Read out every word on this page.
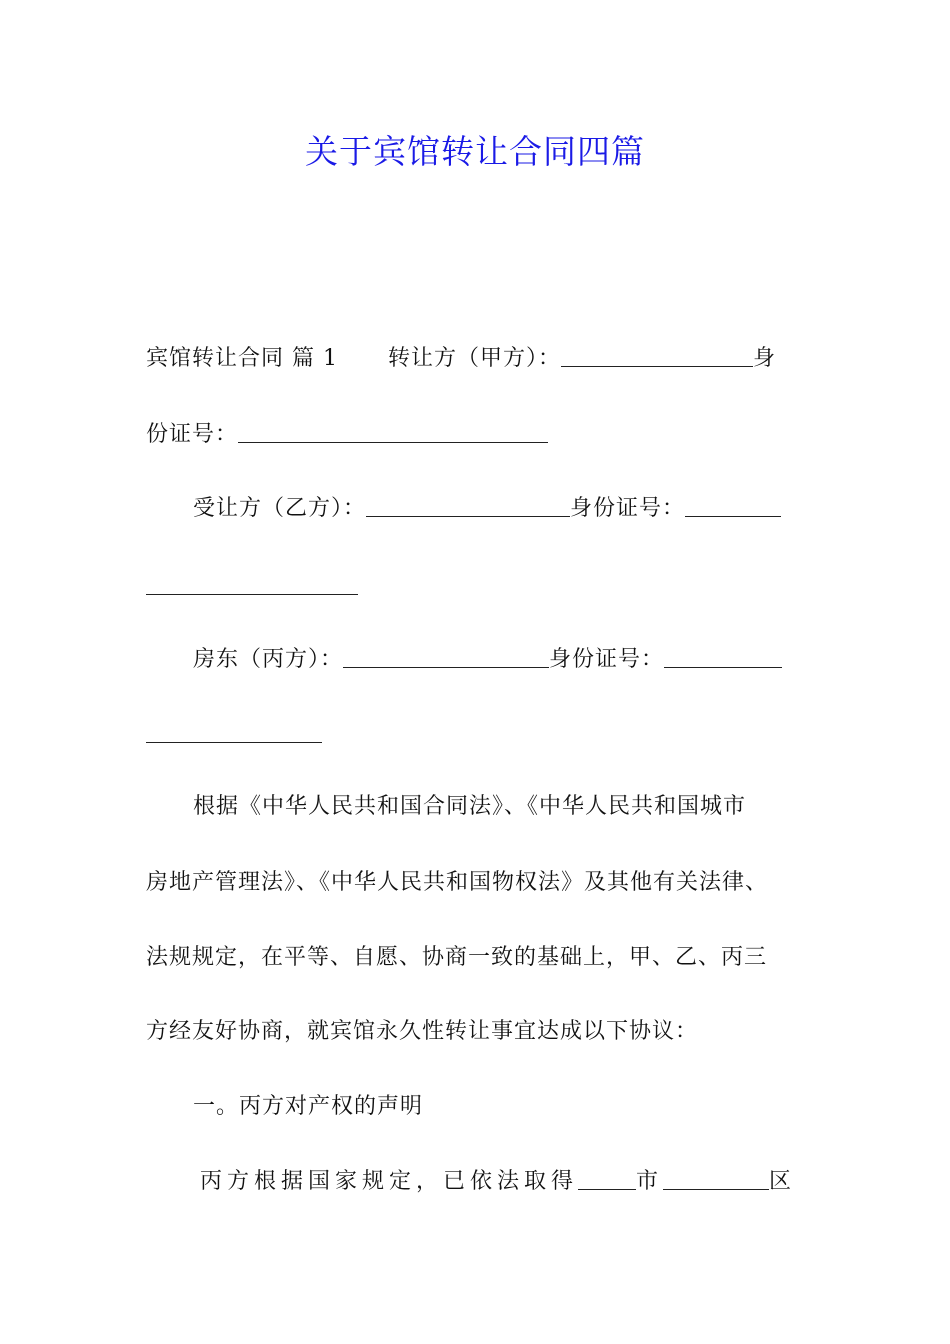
关于宾馆转让合同四篇
宾馆转让合同 篇 1 转让方（甲方）：	身
份证号：
受让方（乙方）：	身份证号：
房东（丙方）：	身份证号：
根据《中华人民共和国合同法》、《中华人民共和国城市
房地产管理法》、《中华人民共和国物权法》及其他有关法律、
法规规定，在平等、自愿、协商一致的基础上，甲、乙、丙三
方经友好协商，就宾馆永久性转让事宜达成以下协议：
一。丙方对产权的声明
丙方根据国家规定，已依法取得	市	区
